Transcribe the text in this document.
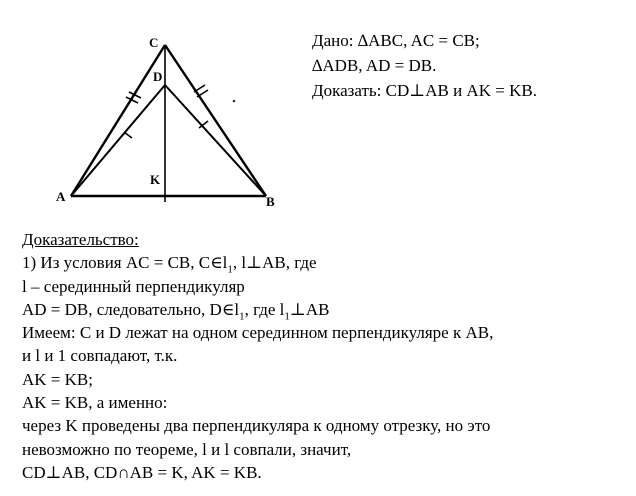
C
D
K
A	B
Дано: ∆ABC, AC = CB;
∆ADB, AD = DB.
Доказать: CD⊥AB и AK = KB.
Доказательство:
1) Из условия AC = CB, $C\in l_1$, l⊥AB, где
l – серединный перпендикуляр
AD = DB, следовательно, $D\in l_1$, где $l_1\perp AB$
Имеем: C и D лежат на одном серединном перпендикуляре к AB,
и l и 1 совпадают, т.к.
AK = KB;
AK = KB, а именно:
через K проведены два перпендикуляра к одному отрезку, но это
невозможно по теореме, l и l совпали, значит,
CD⊥AB, CD∩AB = K, AK = KB.
